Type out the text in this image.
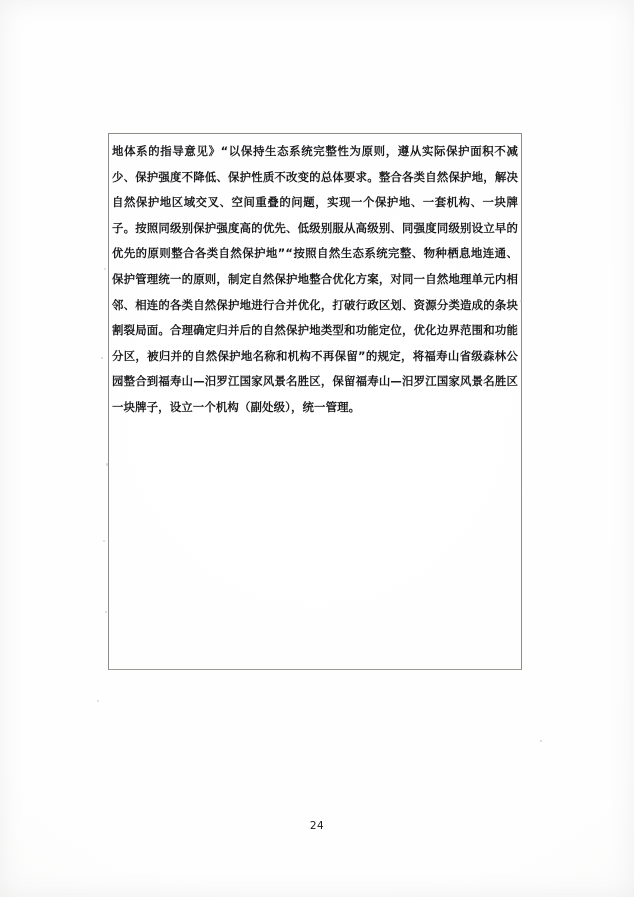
地体系的指导意见》“以保持生态系统完整性为原则，遵从实际保护面积不减少、保护强度不降低、保护性质不改变的总体要求。整合各类自然保护地，解决自然保护地区域交叉、空间重叠的问题，实现一个保护地、一套机构、一块牌子。按照同级别保护强度高的优先、低级别服从高级别、同强度同级别设立早的优先的原则整合各类自然保护地”“按照自然生态系统完整、物种栖息地连通、保护管理统一的原则，制定自然保护地整合优化方案，对同一自然地理单元内相邻、相连的各类自然保护地进行合并优化，打破行政区划、资源分类造成的条块割裂局面。合理确定归并后的自然保护地类型和功能定位，优化边界范围和功能分区，被归并的自然保护地名称和机构不再保留”的规定，将福寿山省级森林公园整合到福寿山—汨罗江国家风景名胜区，保留福寿山—汨罗江国家风景名胜区一块牌子，设立一个机构（副处级），统一管理。

24
